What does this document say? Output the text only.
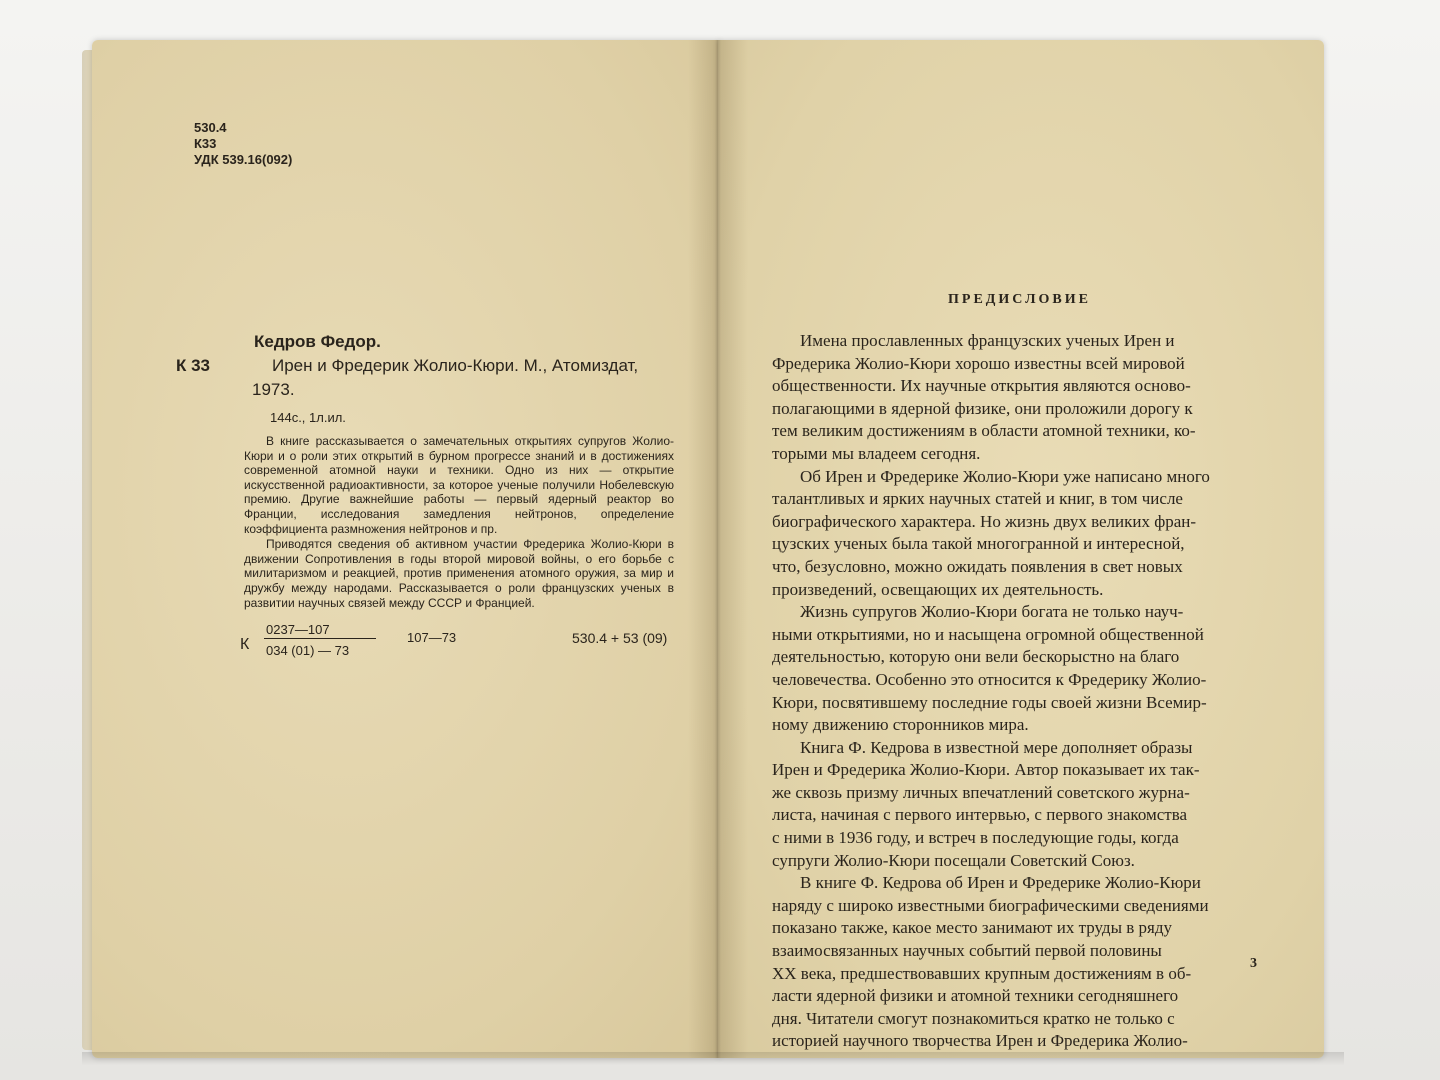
530.4
К33
УДК 539.16(092)
К 33
Кедров Федор.
Ирен и Фредерик Жолио-Кюри. М., Атомиздат,
1973.
144с., 1л.ил.

В книге рассказывается о замечательных открытиях супругов Жолио-Кюри и о роли этих открытий в бурном прогрессе знаний и в достижениях современной атомной науки и техники. Одно из них — открытие искусственной радиоактивности, за которое ученые получили Нобелевскую премию. Другие важнейшие работы — первый ядерный реактор во Франции, исследования замедления нейтронов, определение коэффициента размножения нейтронов и пр.

Приводятся сведения об активном участии Фредерика Жолио-Кюри в движении Сопротивления в годы второй мировой войны, о его борьбе с милитаризмом и реакцией, против применения атомного оружия, за мир и дружбу между народами. Рассказывается о роли французских ученых в развитии научных связей между СССР и Францией.

К
0237—107
034 (01) — 73
107—73	530.4 + 53 (09)
ПРЕДИСЛОВИЕ
Имена прославленных французских ученых Ирен и
Фредерика Жолио-Кюри хорошо известны всей мировой
общественности. Их научные открытия являются осново-
полагающими в ядерной физике, они проложили дорогу к
тем великим достижениям в области атомной техники, ко-
торыми мы владеем сегодня.
Об Ирен и Фредерике Жолио-Кюри уже написано много
талантливых и ярких научных статей и книг, в том числе
биографического характера. Но жизнь двух великих фран-
цузских ученых была такой многогранной и интересной,
что, безусловно, можно ожидать появления в свет новых
произведений, освещающих их деятельность.
Жизнь супругов Жолио-Кюри богата не только науч-
ными открытиями, но и насыщена огромной общественной
деятельностью, которую они вели бескорыстно на благо
человечества. Особенно это относится к Фредерику Жолио-
Кюри, посвятившему последние годы своей жизни Всемир-
ному движению сторонников мира.
Книга Ф. Кедрова в известной мере дополняет образы
Ирен и Фредерика Жолио-Кюри. Автор показывает их так-
же сквозь призму личных впечатлений советского журна-
листа, начиная с первого интервью, с первого знакомства
с ними в 1936 году, и встреч в последующие годы, когда
супруги Жолио-Кюри посещали Советский Союз.
В книге Ф. Кедрова об Ирен и Фредерике Жолио-Кюри
наряду с широко известными биографическими сведениями
показано также, какое место занимают их труды в ряду
взаимосвязанных научных событий первой половины
XX века, предшествовавших крупным достижениям в об-
ласти ядерной физики и атомной техники сегодняшнего
дня. Читатели смогут познакомиться кратко не только с
историей научного творчества Ирен и Фредерика Жолио-
3
